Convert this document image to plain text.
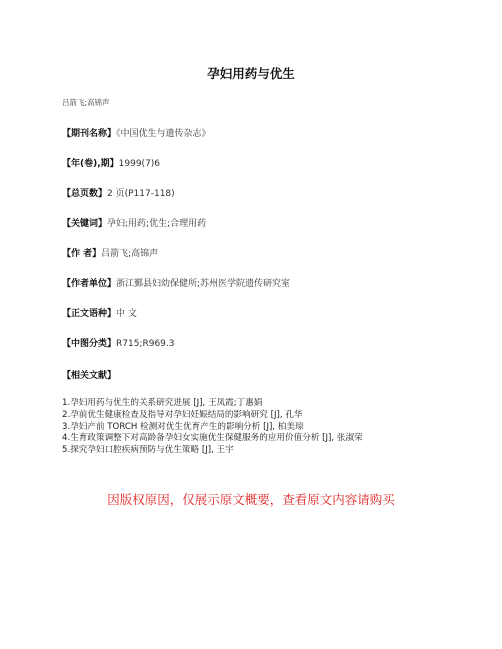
孕妇用药与优生
吕箭飞;高锦声
【期刊名称】《中国优生与遗传杂志》
【年(卷),期】1999(7)6
【总页数】2 页(P117-118)
【关键词】孕妇;用药;优生;合理用药
【作 者】吕箭飞;高锦声
【作者单位】浙江鄞县妇幼保健所;苏州医学院遗传研究室
【正文语种】中 文
【中图分类】R715;R969.3
【相关文献】
1.孕妇用药与优生的关系研究进展 [J], 王凤霞;丁惠娟
2.孕前优生健康检查及指导对孕妇妊娠结局的影响研究 [J], 孔华
3.孕妇产前 TORCH 检测对优生优育产生的影响分析 [J], 柏美琼
4.生育政策调整下对高龄备孕妇女实施优生保健服务的应用价值分析 [J], 张淑荣
5.探究孕妇口腔疾病预防与优生策略 [J], 王宇
因版权原因，仅展示原文概要，查看原文内容请购买
